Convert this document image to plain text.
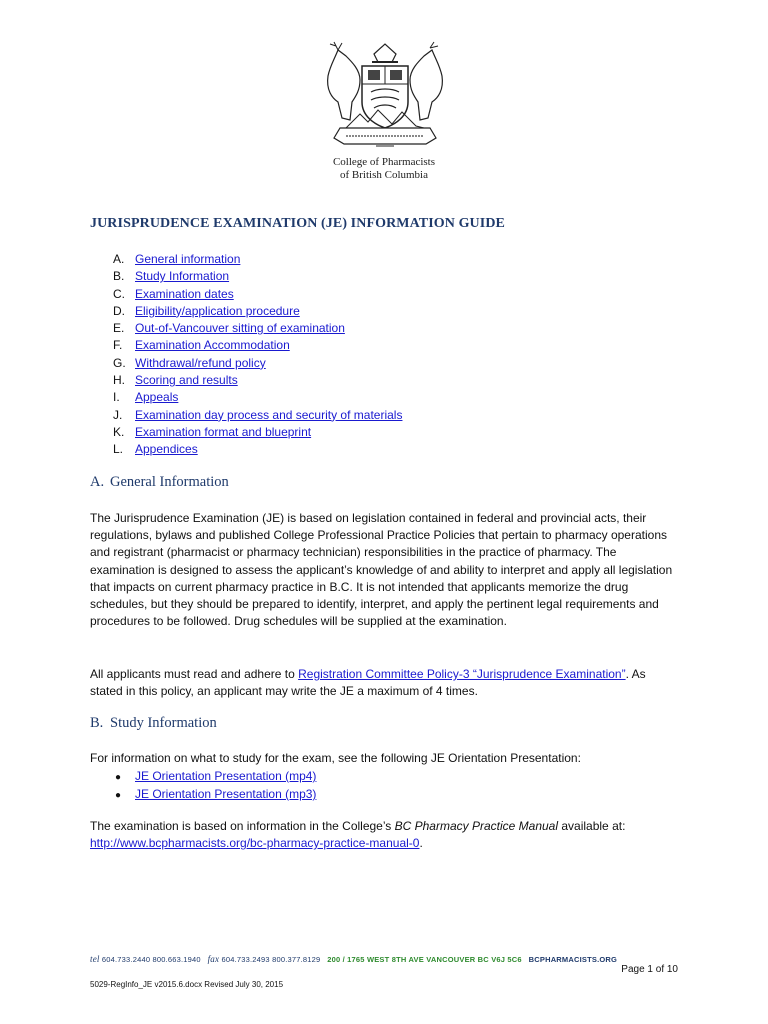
College of Pharmacists
of British Columbia
JURISPRUDENCE EXAMINATION (JE) INFORMATION GUIDE
A. General information
B. Study Information
C. Examination dates
D. Eligibility/application procedure
E. Out-of-Vancouver sitting of examination
F. Examination Accommodation
G. Withdrawal/refund policy
H. Scoring and results
I. Appeals
J. Examination day process and security of materials
K. Examination format and blueprint
L. Appendices
A. General Information

The Jurisprudence Examination (JE) is based on legislation contained in federal and provincial acts, their regulations, bylaws and published College Professional Practice Policies that pertain to pharmacy operations and registrant (pharmacist or pharmacy technician) responsibilities in the practice of pharmacy. The examination is designed to assess the applicant’s knowledge of and ability to interpret and apply all legislation that impacts on current pharmacy practice in B.C. It is not intended that applicants memorize the drug schedules, but they should be prepared to identify, interpret, and apply the pertinent legal requirements and procedures to be followed. Drug schedules will be supplied at the examination.

All applicants must read and adhere to Registration Committee Policy-3 “Jurisprudence Examination”. As stated in this policy, an applicant may write the JE a maximum of 4 times.

B. Study Information

For information on what to study for the exam, see the following JE Orientation Presentation:

● JE Orientation Presentation (mp4)
● JE Orientation Presentation (mp3)

The examination is based on information in the College’s BC Pharmacy Practice Manual available at: http://www.bcpharmacists.org/bc-pharmacy-practice-manual-0.

tel 604.733.2440 800.663.1940 fax 604.733.2493 800.377.8129 200 / 1765 WEST 8TH AVE VANCOUVER BC V6J 5C6 BCPHARMACISTS.ORG
Page 1 of 10
5029-RegInfo_JE v2015.6.docx Revised July 30, 2015
